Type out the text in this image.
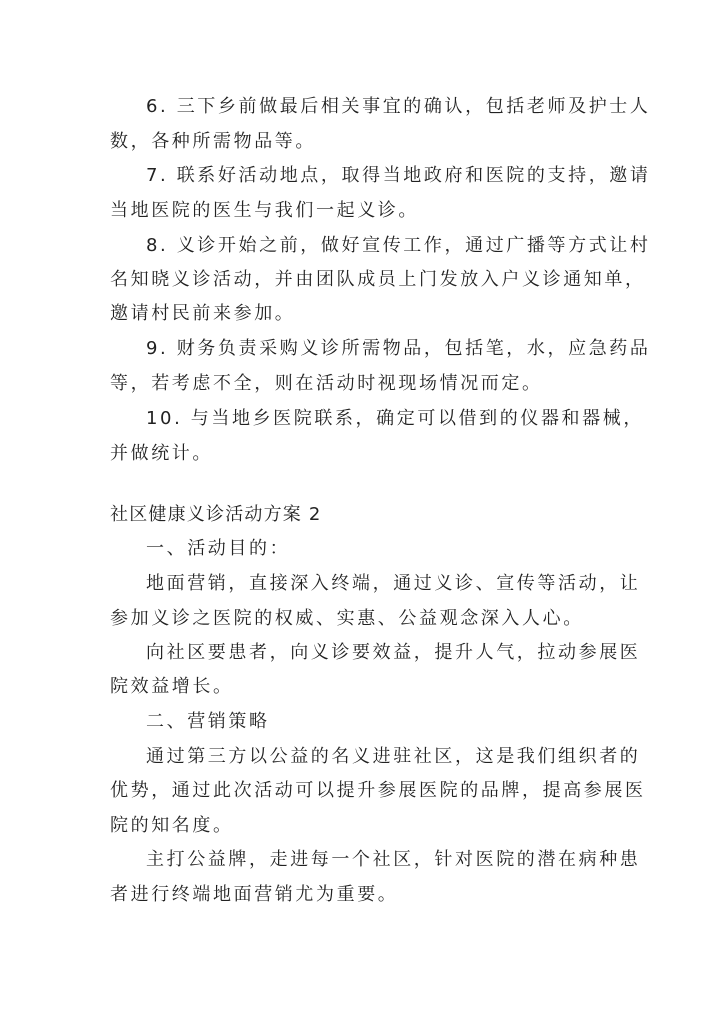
6. 三下乡前做最后相关事宜的确认，包括老师及护士人
数，各种所需物品等。
7. 联系好活动地点，取得当地政府和医院的支持，邀请
当地医院的医生与我们一起义诊。
8. 义诊开始之前，做好宣传工作，通过广播等方式让村
名知晓义诊活动，并由团队成员上门发放入户义诊通知单，
邀请村民前来参加。
9. 财务负责采购义诊所需物品，包括笔，水，应急药品
等，若考虑不全，则在活动时视现场情况而定。
10. 与当地乡医院联系，确定可以借到的仪器和器械，
并做统计。
社区健康义诊活动方案 2
一、活动目的：
地面营销，直接深入终端，通过义诊、宣传等活动，让
参加义诊之医院的权威、实惠、公益观念深入人心。
向社区要患者，向义诊要效益，提升人气，拉动参展医
院效益增长。
二、营销策略
通过第三方以公益的名义进驻社区，这是我们组织者的
优势，通过此次活动可以提升参展医院的品牌，提高参展医
院的知名度。
主打公益牌，走进每一个社区，针对医院的潜在病种患
者进行终端地面营销尤为重要。
